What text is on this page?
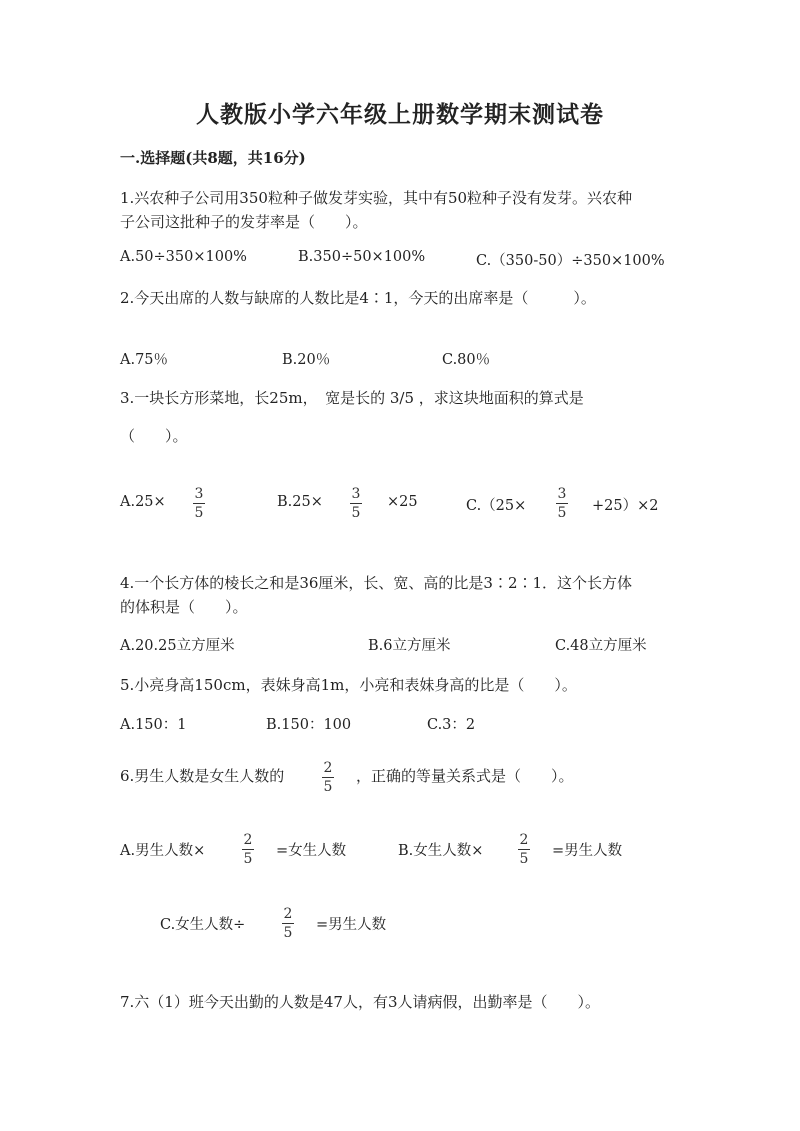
人教版小学六年级上册数学期末测试卷
一.选择题(共8题，共16分)
1.兴农种子公司用350粒种子做发芽实验，其中有50粒种子没有发芽。兴农种
子公司这批种子的发芽率是（　　）。
A.50÷350×100%	B.350÷50×100%	C.（350-50）÷350×100%
2.今天出席的人数与缺席的人数比是4∶1，今天的出席率是（　　　）。
A.75％	B.20％	C.80％
3.一块长方形菜地，长25m，　宽是长的 3/5 ，求这块地面积的算式是
（　　）。
A.25× 3
5
B.25× 3
5
×25	C.（25×
3
5 +25）×2
4.一个长方体的棱长之和是36厘米，长、宽、高的比是3∶2∶1．这个长方体
的体积是（　　）。
A.20.25立方厘米	B.6立方厘米	C.48立方厘米
5.小亮身高150cm，表妹身高1m，小亮和表妹身高的比是（　　）。
A.150：1	B.150：100	C.3：2
6.男生人数是女生人数的	2
5
，正确的等量关系式是（　　）。
A.男生人数×
2
5 =女生人数	B.女生人数×
2
5 =男生人数
C.女生人数÷
2
5 =男生人数
7.六（1）班今天出勤的人数是47人，有3人请病假，出勤率是（　　）。
